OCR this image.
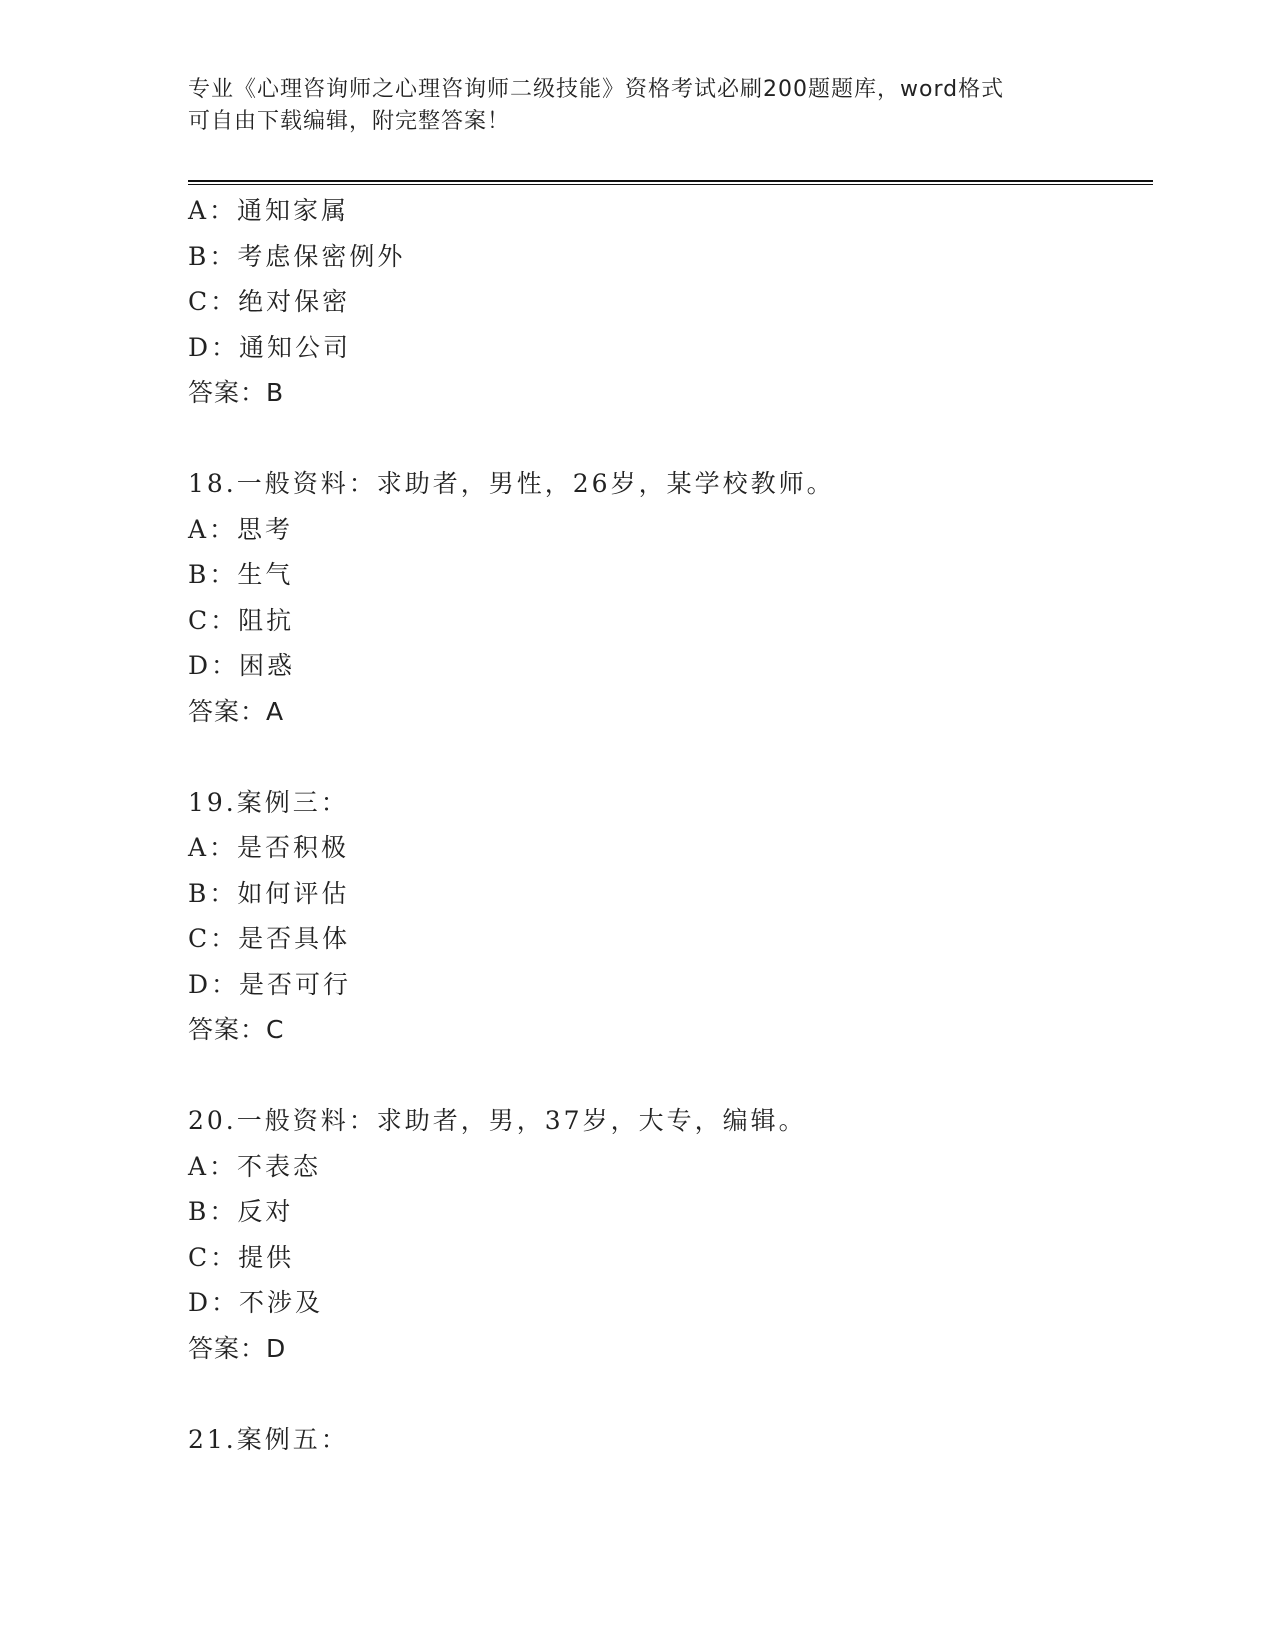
专业《心理咨询师之心理咨询师二级技能》资格考试必刷200题题库，word格式
可自由下载编辑，附完整答案！
A：通知家属
B：考虑保密例外
C：绝对保密
D：通知公司
答案：B
18.一般资料：求助者，男性，26岁，某学校教师。
A：思考
B：生气
C：阻抗
D：困惑
答案：A
19.案例三：
A：是否积极
B：如何评估
C：是否具体
D：是否可行
答案：C
20.一般资料：求助者，男，37岁，大专，编辑。
A：不表态
B：反对
C：提供
D：不涉及
答案：D
21.案例五：
